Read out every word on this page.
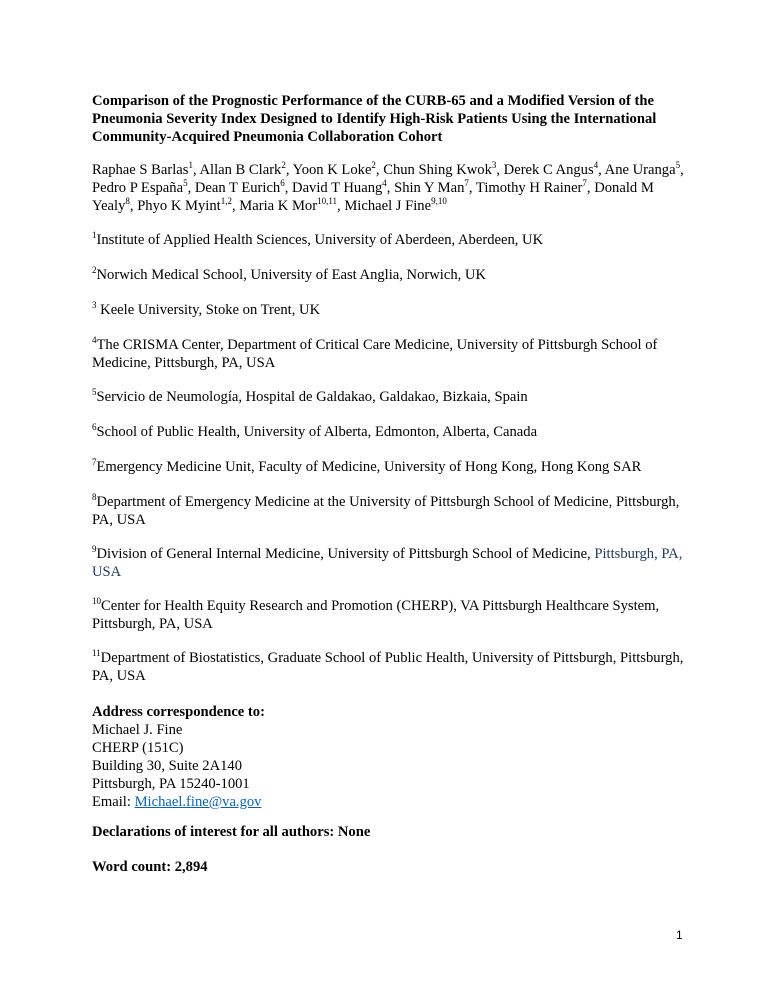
Comparison of the Prognostic Performance of the CURB-65 and a Modified Version of the Pneumonia Severity Index Designed to Identify High-Risk Patients Using the International Community-Acquired Pneumonia Collaboration Cohort
Raphae S Barlas$^1$, Allan B Clark$^2$, Yoon K Loke$^2$, Chun Shing Kwok$^3$, Derek C Angus$^4$, Ane Uranga$^5$, Pedro P España$^5$, Dean T Eurich$^6$, David T Huang$^4$, Shin Y Man$^7$, Timothy H Rainer$^7$, Donald M Yealy$^8$, Phyo K Myint$^{1,2}$, Maria K Mor$^{10,11}$, Michael J Fine$^{9,10}$
$^1$Institute of Applied Health Sciences, University of Aberdeen, Aberdeen, UK
$^2$Norwich Medical School, University of East Anglia, Norwich, UK
$^3$ Keele University, Stoke on Trent, UK
$^4$The CRISMA Center, Department of Critical Care Medicine, University of Pittsburgh School of Medicine, Pittsburgh, PA, USA
$^5$Servicio de Neumología, Hospital de Galdakao, Galdakao, Bizkaia, Spain
$^6$School of Public Health, University of Alberta, Edmonton, Alberta, Canada
$^7$Emergency Medicine Unit, Faculty of Medicine, University of Hong Kong, Hong Kong SAR
$^8$Department of Emergency Medicine at the University of Pittsburgh School of Medicine, Pittsburgh, PA, USA
$^9$Division of General Internal Medicine, University of Pittsburgh School of Medicine, Pittsburgh, PA, USA
$^{10}$Center for Health Equity Research and Promotion (CHERP), VA Pittsburgh Healthcare System, Pittsburgh, PA, USA
$^{11}$Department of Biostatistics, Graduate School of Public Health, University of Pittsburgh, Pittsburgh, PA, USA
Address correspondence to:
Michael J. Fine
CHERP (151C)
Building 30, Suite 2A140
Pittsburgh, PA 15240-1001
Email: Michael.fine@va.gov
Declarations of interest for all authors: None
Word count: 2,894
1
